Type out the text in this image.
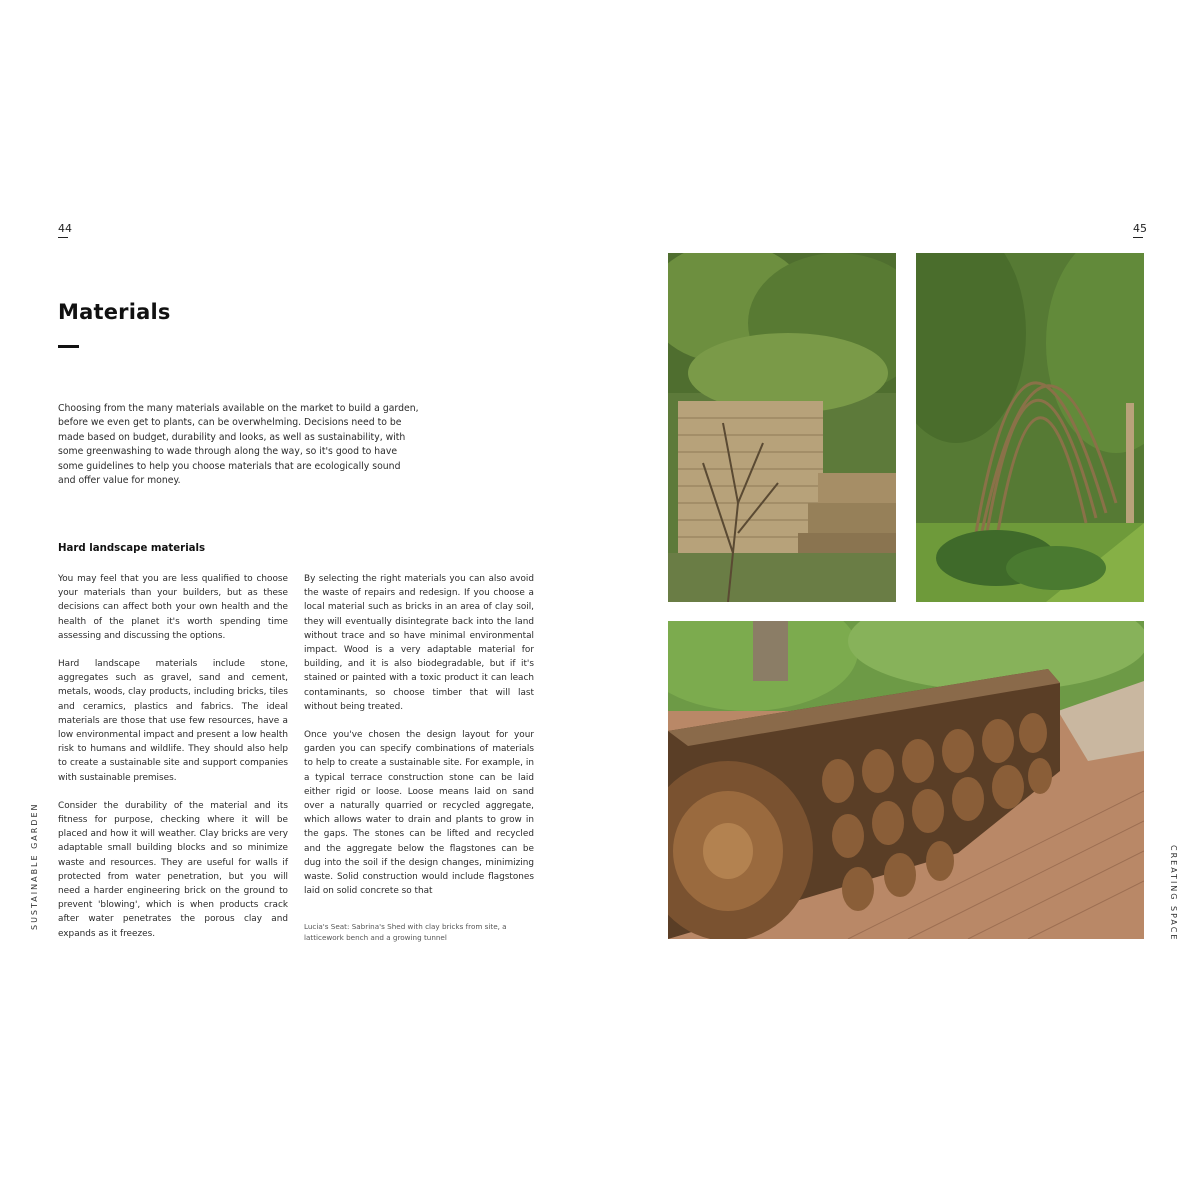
44	45
Materials

Choosing from the many materials available on the market to build a garden, before we even get to plants, can be overwhelming. Decisions need to be made based on budget, durability and looks, as well as sustainability, with some greenwashing to wade through along the way, so it's good to have some guidelines to help you choose materials that are ecologically sound and offer value for money.

Hard landscape materials

You may feel that you are less qualified to choose your materials than your builders, but as these decisions can affect both your own health and the health of the planet it's worth spending time assessing and discussing the options.

Hard landscape materials include stone, aggregates such as gravel, sand and cement, metals, woods, clay products, including bricks, tiles and ceramics, plastics and fabrics. The ideal materials are those that use few resources, have a low environmental impact and present a low health risk to humans and wildlife. They should also help to create a sustainable site and support companies with sustainable premises.

Consider the durability of the material and its fitness for purpose, checking where it will be placed and how it will weather. Clay bricks are very adaptable small building blocks and so minimize waste and resources. They are useful for walls if protected from water penetration, but you will need a harder engineering brick on the ground to prevent 'blowing', which is when products crack after water penetrates the porous clay and expands as it freezes.

By selecting the right materials you can also avoid the waste of repairs and redesign. If you choose a local material such as bricks in an area of clay soil, they will eventually disintegrate back into the land without trace and so have minimal environmental impact. Wood is a very adaptable material for building, and it is also biodegradable, but if it's stained or painted with a toxic product it can leach contaminants, so choose timber that will last without being treated.

Once you've chosen the design layout for your garden you can specify combinations of materials to help to create a sustainable site. For example, in a typical terrace construction stone can be laid either rigid or loose. Loose means laid on sand over a naturally quarried or recycled aggregate, which allows water to drain and plants to grow in the gaps. The stones can be lifted and recycled and the aggregate below the flagstones can be dug into the soil if the design changes, minimizing waste. Solid construction would include flagstones laid on solid concrete so that

Lucia's Seat: Sabrina's Shed with clay bricks from site, a latticework bench and a growing tunnel

SUSTAINABLE GARDEN	CREATING SPACE
